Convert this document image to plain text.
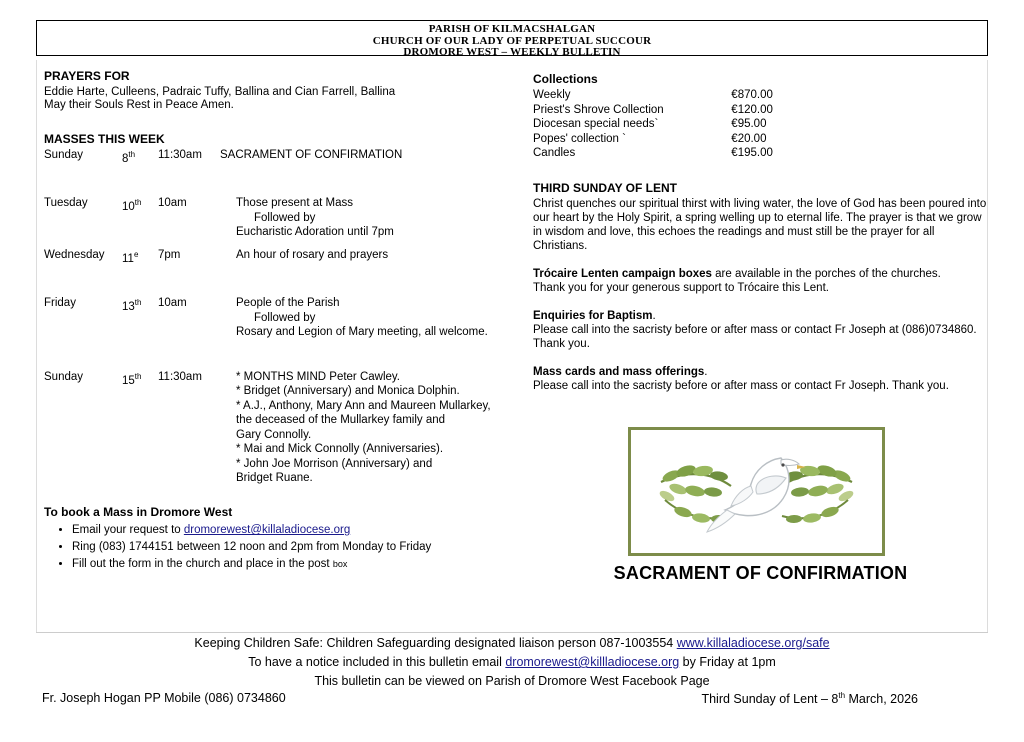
PARISH OF KILMACSHALGAN
CHURCH OF OUR LADY OF PERPETUAL SUCCOUR
DROMORE WEST – WEEKLY BULLETIN
PRAYERS FOR
Eddie Harte, Culleens, Padraic Tuffy, Ballina and Cian Farrell, Ballina
May their Souls Rest in Peace Amen.
MASSES THIS WEEK
Sunday	8th	11:30am	SACRAMENT OF CONFIRMATION

Tuesday	10th	10am	Those present at Mass
Followed by
Eucharistic Adoration until 7pm

Wednesday	11e	7pm	An hour of rosary and prayers

Friday	13th	10am	People of the Parish
Followed by
Rosary and Legion of Mary meeting, all welcome.

Sunday	15th	11:30am	* MONTHS MIND Peter Cawley.
* Bridget (Anniversary) and Monica Dolphin.
* A.J., Anthony, Mary Ann and Maureen Mullarkey,
the deceased of the Mullarkey family and
Gary Connolly.
* Mai and Mick Connolly (Anniversaries).
* John Joe Morrison (Anniversary) and
Bridget Ruane.
To book a Mass in Dromore West
• Email your request to dromorewest@killaladiocese.org
• Ring (083) 1744151 between 12 noon and 2pm from Monday to Friday
• Fill out the form in the church and place in the post box
Collections
Weekly	€870.00
Priest's Shrove Collection	€120.00
Diocesan special needs`	€95.00
Popes' collection `	€20.00
Candles	€195.00
THIRD SUNDAY OF LENT
Christ quenches our spiritual thirst with living water, the love of God has been poured into
our heart by the Holy Spirit, a spring welling up to eternal life. The prayer is that we grow
in wisdom and love, this echoes the readings and must still be the prayer for all Christians.
Trócaire Lenten campaign boxes are available in the porches of the churches.
Thank you for your generous support to Trócaire this Lent.
Enquiries for Baptism.
Please call into the sacristy before or after mass or contact Fr Joseph at (086)0734860.
Thank you.
Mass cards and mass offerings.
Please call into the sacristy before or after mass or contact Fr Joseph. Thank you.
SACRAMENT OF CONFIRMATION
Keeping Children Safe: Children Safeguarding designated liaison person 087-1003554 www.killaladiocese.org/safe
To have a notice included in this bulletin email dromorewest@killladiocese.org by Friday at 1pm
This bulletin can be viewed on Parish of Dromore West Facebook Page
Fr. Joseph Hogan PP Mobile (086) 0734860	Third Sunday of Lent – 8th March, 2026
